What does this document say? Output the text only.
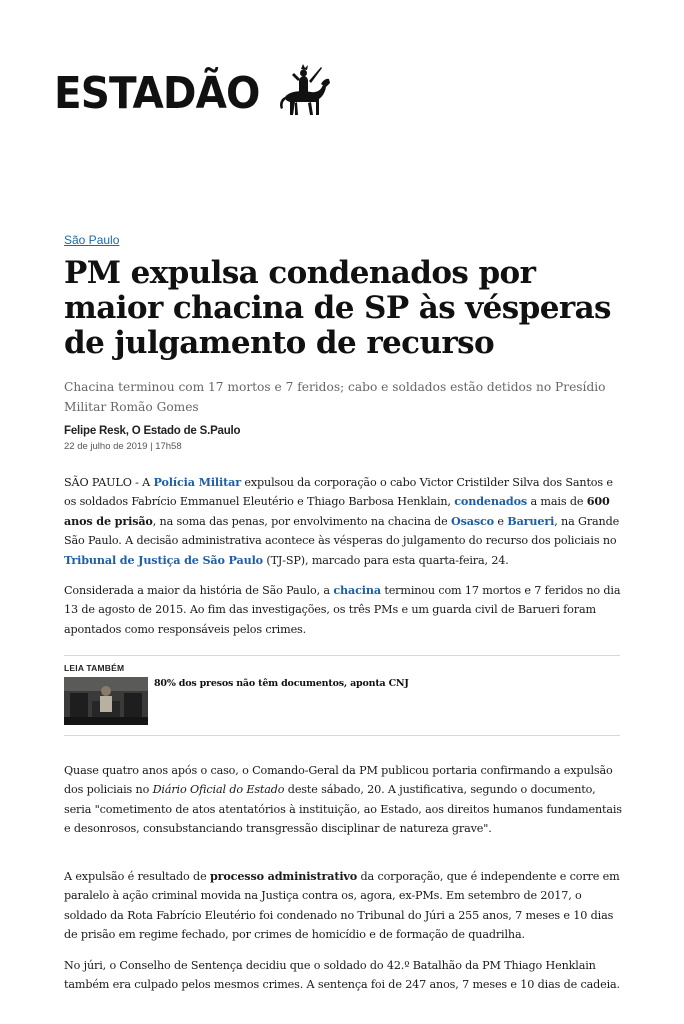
ESTADÃO
São Paulo
PM expulsa condenados por maior chacina de SP às vésperas de julgamento de recurso

Chacina terminou com 17 mortos e 7 feridos; cabo e soldados estão detidos no Presídio Militar Romão Gomes

Felipe Resk, O Estado de S.Paulo
22 de julho de 2019 | 17h58

SÃO PAULO - A Polícia Militar expulsou da corporação o cabo Victor Cristilder Silva dos Santos e os soldados Fabrício Emmanuel Eleutério e Thiago Barbosa Henklain, condenados a mais de 600 anos de prisão, na soma das penas, por envolvimento na chacina de Osasco e Barueri, na Grande São Paulo. A decisão administrativa acontece às vésperas do julgamento do recurso dos policiais no Tribunal de Justiça de São Paulo (TJ-SP), marcado para esta quarta-feira, 24.

Considerada a maior da história de São Paulo, a chacina terminou com 17 mortos e 7 feridos no dia 13 de agosto de 2015. Ao fim das investigações, os três PMs e um guarda civil de Barueri foram apontados como responsáveis pelos crimes.

LEIA TAMBÉM
80% dos presos não têm documentos, aponta CNJ

Quase quatro anos após o caso, o Comando-Geral da PM publicou portaria confirmando a expulsão dos policiais no Diário Oficial do Estado deste sábado, 20. A justificativa, segundo o documento, seria "cometimento de atos atentatórios à instituição, ao Estado, aos direitos humanos fundamentais e desonrosos, consubstanciando transgressão disciplinar de natureza grave".

A expulsão é resultado de processo administrativo da corporação, que é independente e corre em paralelo à ação criminal movida na Justiça contra os, agora, ex-PMs. Em setembro de 2017, o soldado da Rota Fabrício Eleutério foi condenado no Tribunal do Júri a 255 anos, 7 meses e 10 dias de prisão em regime fechado, por crimes de homicídio e de formação de quadrilha.

No júri, o Conselho de Sentença decidiu que o soldado do 42.º Batalhão da PM Thiago Henklain também era culpado pelos mesmos crimes. A sentença foi de 247 anos, 7 meses e 10 dias de cadeia.
